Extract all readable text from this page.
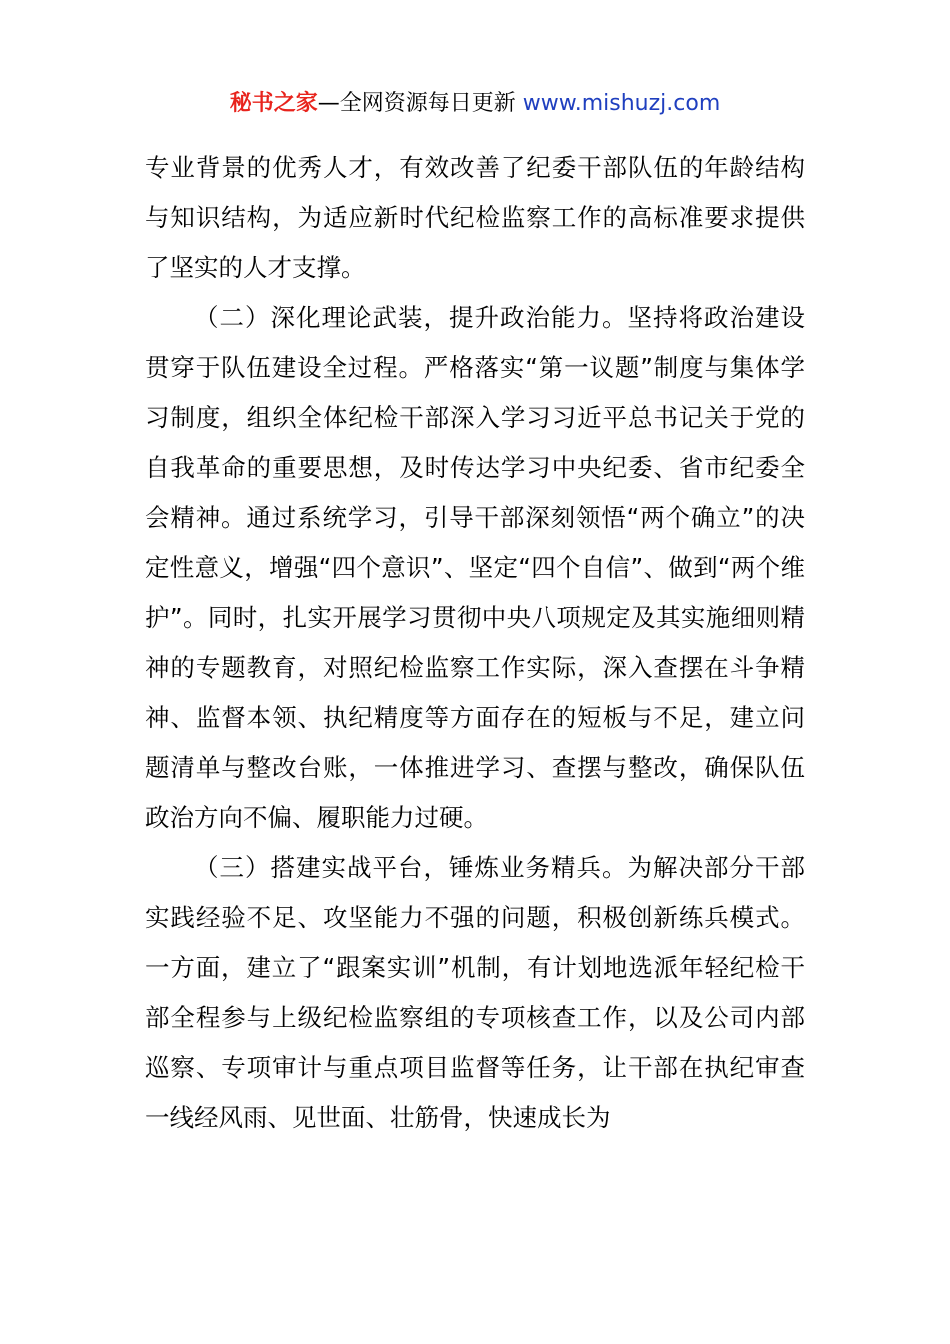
秘书之家—全网资源每日更新 www.mishuzj.com

专业背景的优秀人才，有效改善了纪委干部队伍的年龄结构与知识结构，为适应新时代纪检监察工作的高标准要求提供了坚实的人才支撑。

（二）深化理论武装，提升政治能力。坚持将政治建设贯穿于队伍建设全过程。严格落实“第一议题”制度与集体学习制度，组织全体纪检干部深入学习习近平总书记关于党的自我革命的重要思想，及时传达学习中央纪委、省市纪委全会精神。通过系统学习，引导干部深刻领悟“两个确立”的决定性意义，增强“四个意识”、坚定“四个自信”、做到“两个维护”。同时，扎实开展学习贯彻中央八项规定及其实施细则精神的专题教育，对照纪检监察工作实际，深入查摆在斗争精神、监督本领、执纪精度等方面存在的短板与不足，建立问题清单与整改台账，一体推进学习、查摆与整改，确保队伍政治方向不偏、履职能力过硬。

（三）搭建实战平台，锤炼业务精兵。为解决部分干部实践经验不足、攻坚能力不强的问题，积极创新练兵模式。一方面，建立了“跟案实训”机制，有计划地选派年轻纪检干部全程参与上级纪检监察组的专项核查工作，以及公司内部巡察、专项审计与重点项目监督等任务，让干部在执纪审查一线经风雨、见世面、壮筋骨，快速成长为
